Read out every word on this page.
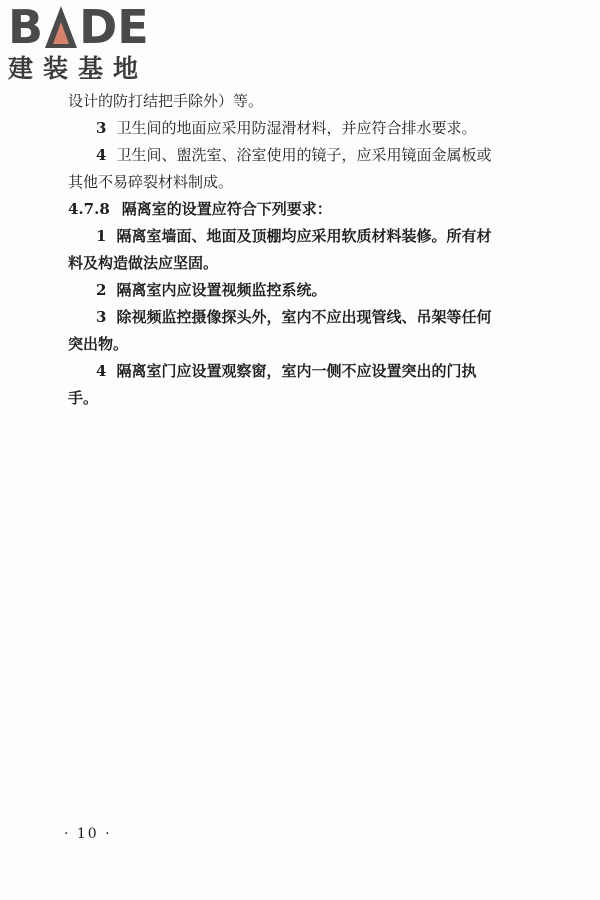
B DE
建装基地
设计的防打结把手除外）等。
3 卫生间的地面应采用防湿滑材料，并应符合排水要求。
4 卫生间、盥洗室、浴室使用的镜子，应采用镜面金属板或
其他不易碎裂材料制成。
4.7.8 隔离室的设置应符合下列要求：
1 隔离室墙面、地面及顶棚均应采用软质材料装修。所有材
料及构造做法应坚固。
2 隔离室内应设置视频监控系统。
3 除视频监控摄像探头外，室内不应出现管线、吊架等任何
突出物。
4 隔离室门应设置观察窗，室内一侧不应设置突出的门执
手。
· 10 ·
